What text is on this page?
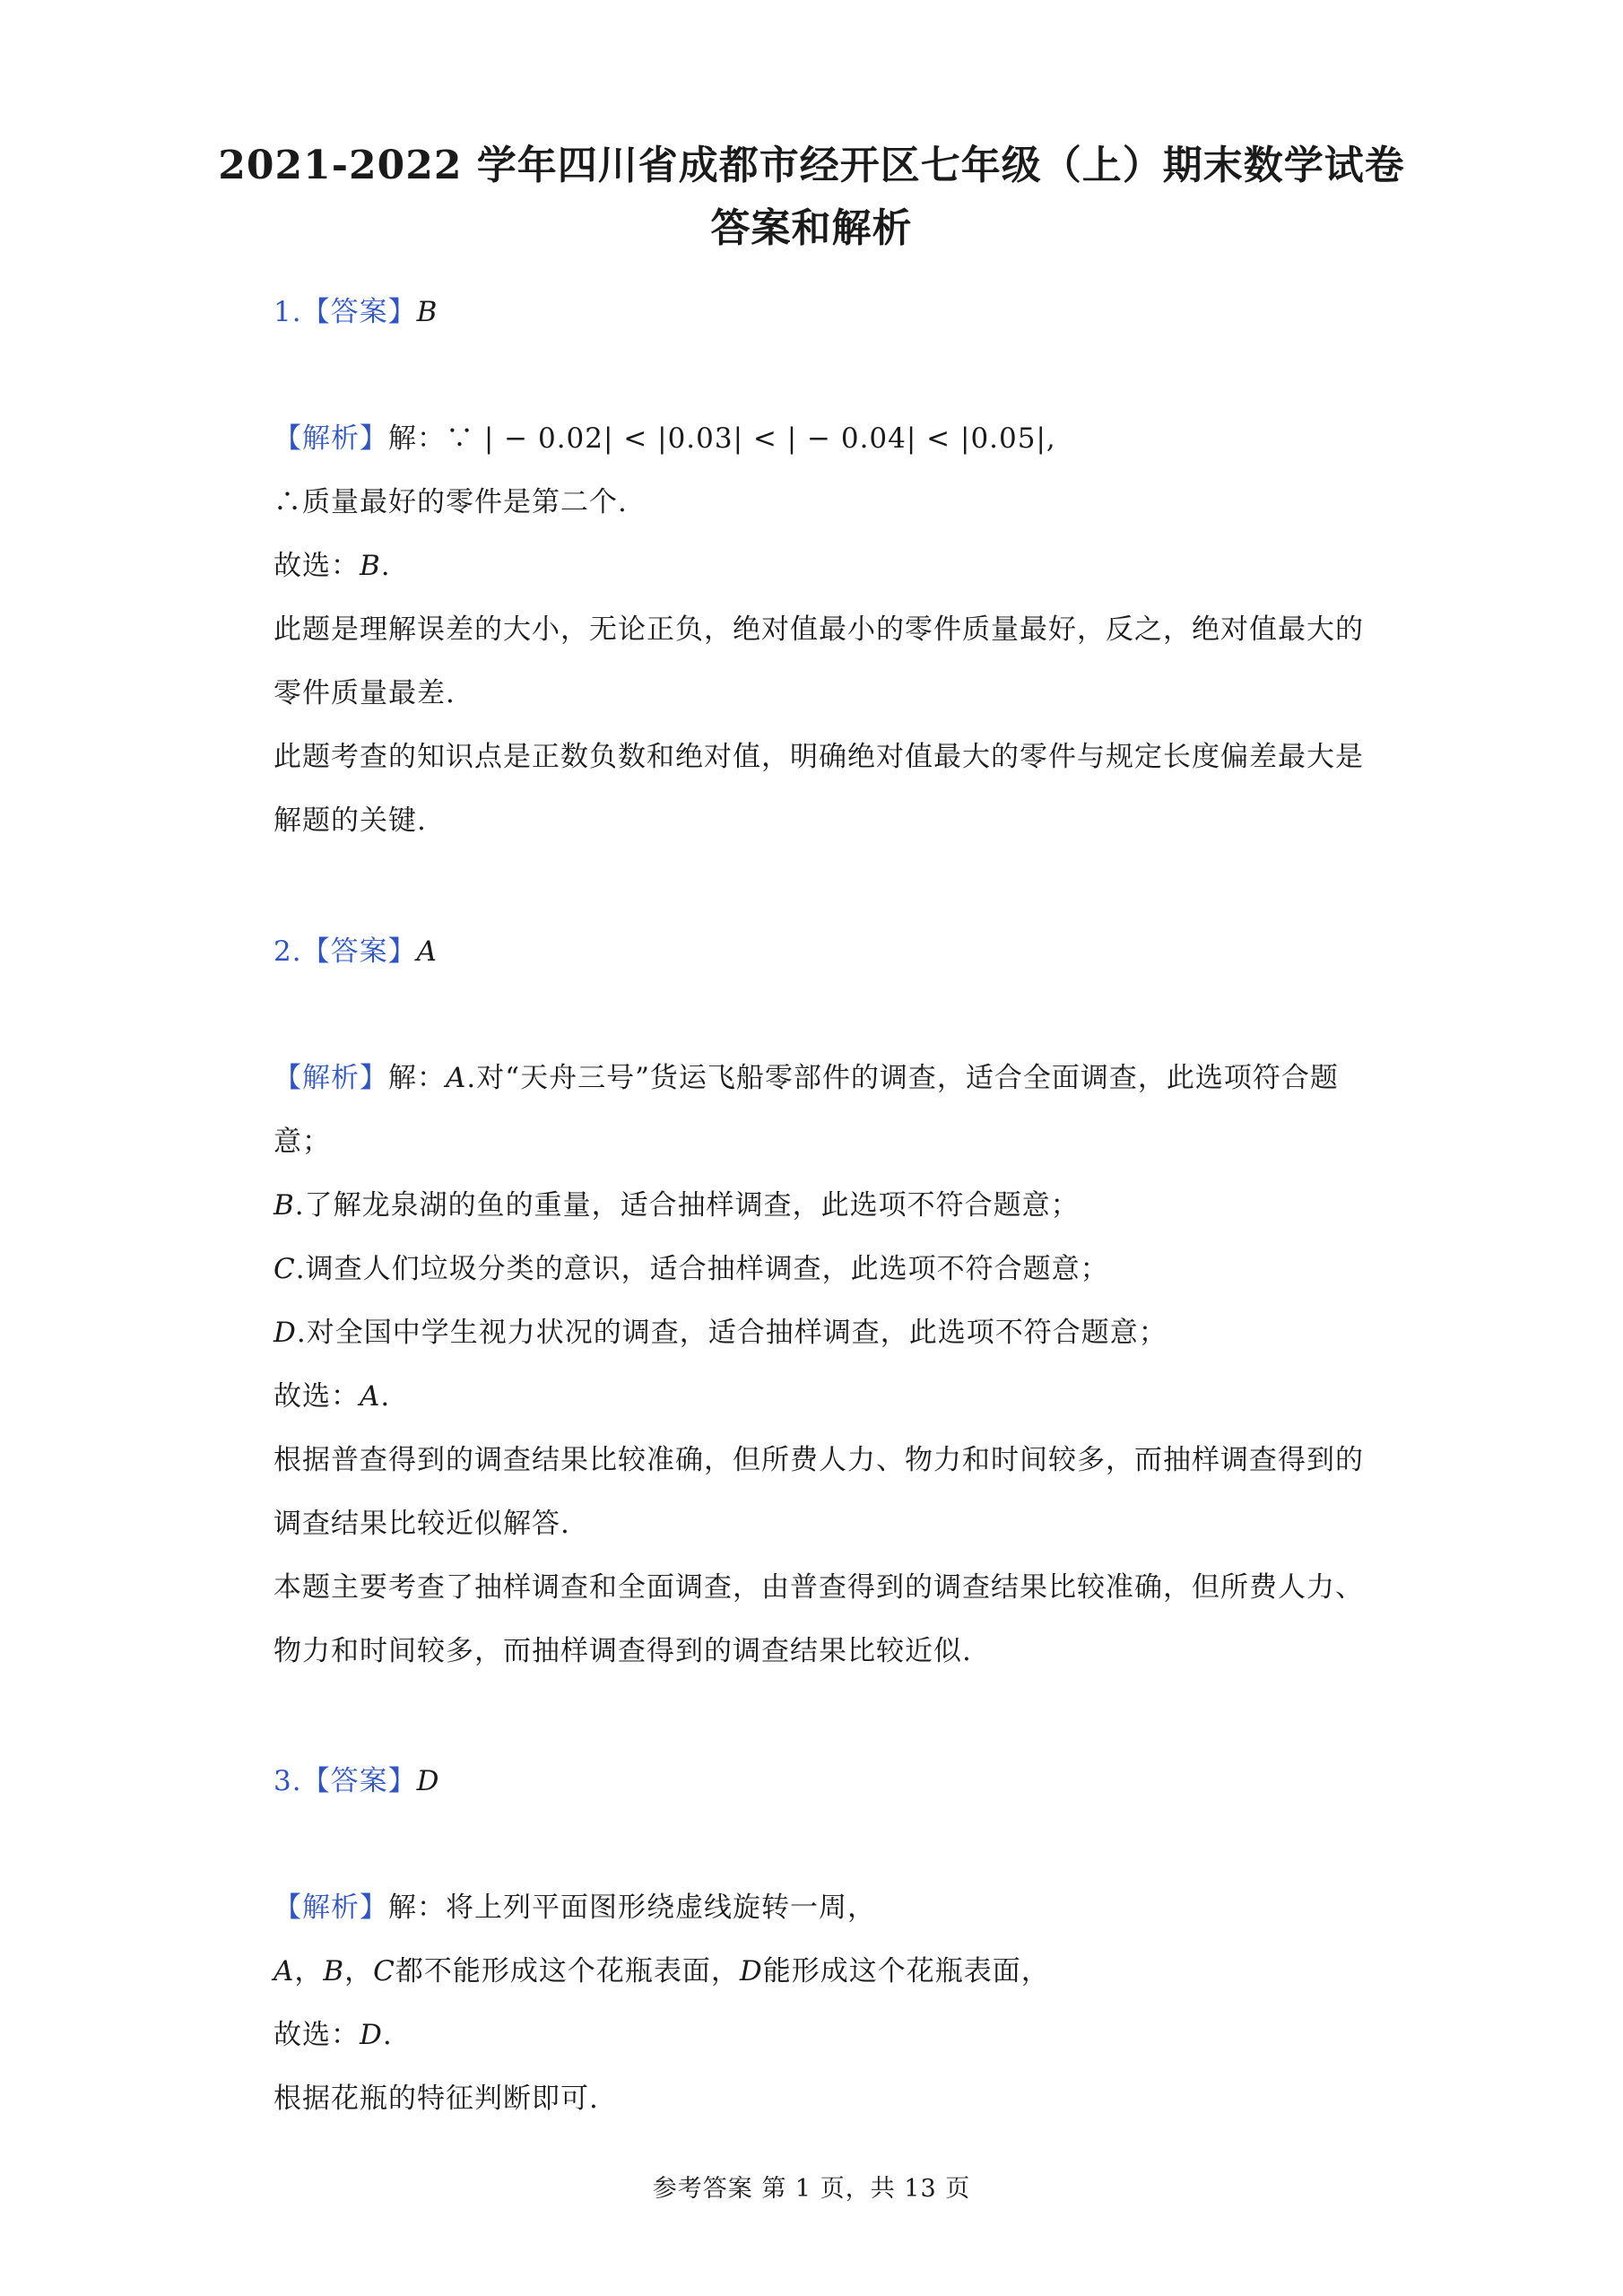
2021-2022 学年四川省成都市经开区七年级（上）期末数学试卷
答案和解析
1.【答案】B
【解析】解：∵ | − 0.02| < |0.03| < | − 0.04| < |0.05|,
∴质量最好的零件是第二个.
故选：𝐵.
此题是理解误差的大小，无论正负，绝对值最小的零件质量最好，反之，绝对值最大的
零件质量最差.
此题考查的知识点是正数负数和绝对值，明确绝对值最大的零件与规定长度偏差最大是
解题的关键.
2.【答案】A
【解析】解：𝐴.对“天舟三号”货运飞船零部件的调查，适合全面调查，此选项符合题
意；
𝐵.了解龙泉湖的鱼的重量，适合抽样调查，此选项不符合题意；
𝐶.调查人们垃圾分类的意识，适合抽样调查，此选项不符合题意；
𝐷.对全国中学生视力状况的调查，适合抽样调查，此选项不符合题意；
故选：𝐴.
根据普查得到的调查结果比较准确，但所费人力、物力和时间较多，而抽样调查得到的
调查结果比较近似解答.
本题主要考查了抽样调查和全面调查，由普查得到的调查结果比较准确，但所费人力、
物力和时间较多，而抽样调查得到的调查结果比较近似.
3.【答案】D
【解析】解：将上列平面图形绕虚线旋转一周，
𝐴，𝐵，𝐶都不能形成这个花瓶表面，𝐷能形成这个花瓶表面，
故选：𝐷.
根据花瓶的特征判断即可.
参考答案 第 1 页，共 13 页
